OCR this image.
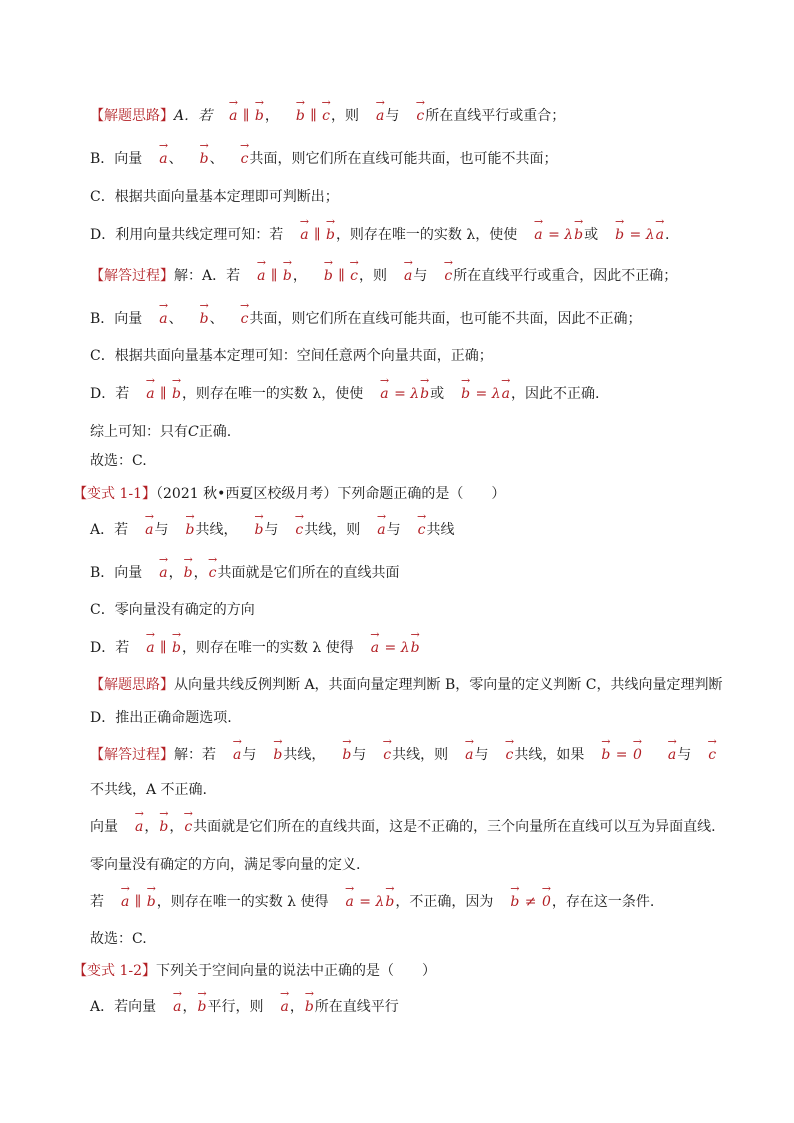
【解题思路】A．若 → a ∥ → b， → b ∥ → c，则 → a与 → c所在直线平行或重合；
B．向量 → a、 → b、 → c共面，则它们所在直线可能共面，也可能不共面；
C．根据共面向量基本定理即可判断出；
D．利用向量共线定理可知：若 → a ∥ → b，则存在唯一的实数 λ，使使 → a = λ→ b或 → b = λ→ a.
【解答过程】解：A．若 → a ∥ → b， → b ∥ → c，则 → a与 → c所在直线平行或重合，因此不正确；
B．向量 → a、 → b、 → c共面，则它们所在直线可能共面，也可能不共面，因此不正确；
C．根据共面向量基本定理可知：空间任意两个向量共面，正确；
D．若 → a ∥ → b，则存在唯一的实数 λ，使使 → a = λ→ b或 → b = λ→ a，因此不正确.
综上可知：只有C正确.
故选：C.
【变式 1-1】（2021 秋•西夏区校级月考）下列命题正确的是（　　）
A．若 → a与 → b共线， → b与 → c共线，则 → a与 → c共线
B．向量 → a，→ b，→ c共面就是它们所在的直线共面
C．零向量没有确定的方向
D．若 → a ∥ → b，则存在唯一的实数 λ 使得 → a = λ→ b
【解题思路】从向量共线反例判断 A，共面向量定理判断 B，零向量的定义判断 C，共线向量定理判断
D．推出正确命题选项.
【解答过程】解：若 → a与 → b共线， → b与 → c共线，则 → a与 → c共线，如果 → b = → 0 → a与 → c
不共线，A 不正确.
向量 → a，→ b，→ c共面就是它们所在的直线共面，这是不正确的，三个向量所在直线可以互为异面直线.
零向量没有确定的方向，满足零向量的定义.
若 → a ∥ → b，则存在唯一的实数 λ 使得 → a = λ→ b，不正确，因为 → b ≠ → 0，存在这一条件.
故选：C.
【变式 1-2】下列关于空间向量的说法中正确的是（　　）
A．若向量 → a，→ b平行，则 → a，→ b所在直线平行
